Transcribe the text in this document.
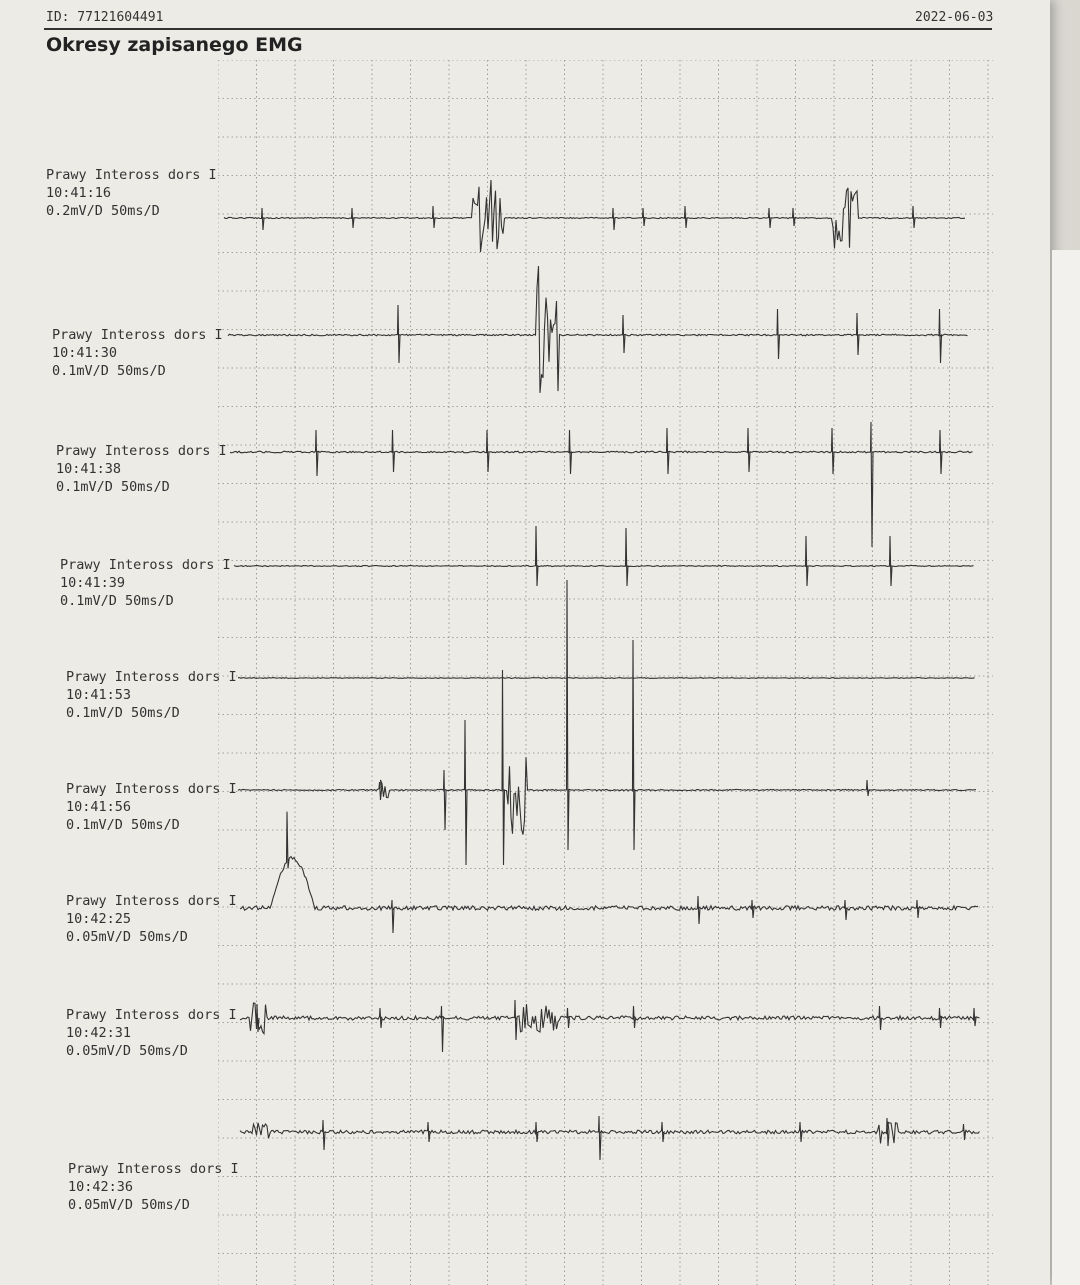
ID: 77121604491	2022-06-03
Okresy zapisanego EMG
Prawy Inteross dors I
10:41:16
0.2mV/D 50ms/D
Prawy Inteross dors I
10:41:30
0.1mV/D 50ms/D
Prawy Inteross dors I
10:41:38
0.1mV/D 50ms/D
Prawy Inteross dors I
10:41:39
0.1mV/D 50ms/D
Prawy Inteross dors I
10:41:53
0.1mV/D 50ms/D
Prawy Inteross dors I
10:41:56
0.1mV/D 50ms/D
Prawy Inteross dors I
10:42:25
0.05mV/D 50ms/D
Prawy Inteross dors I
10:42:31
0.05mV/D 50ms/D
Prawy Inteross dors I
10:42:36
0.05mV/D 50ms/D
